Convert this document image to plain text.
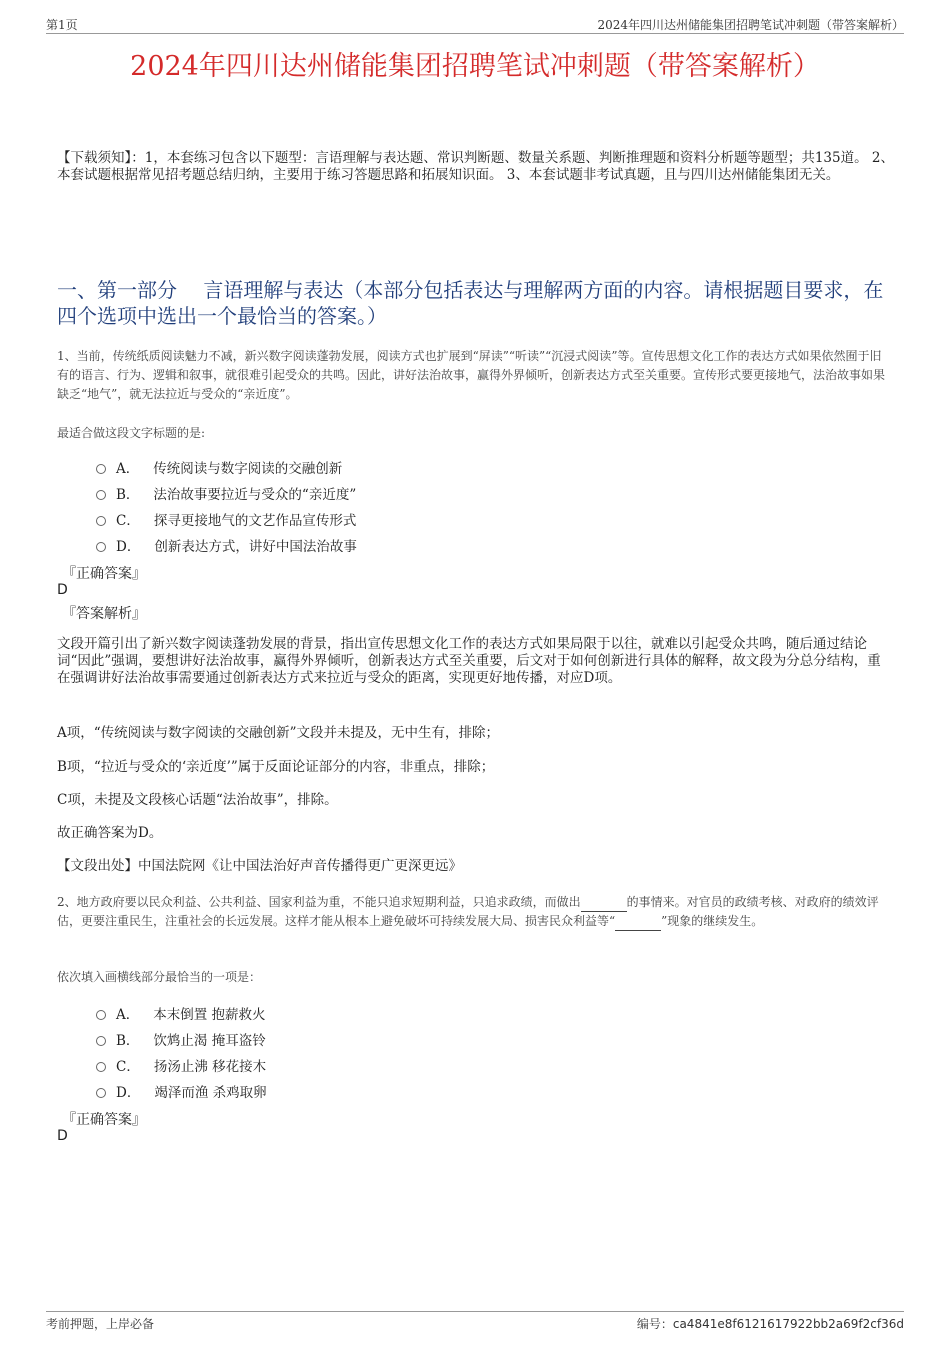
第1页	2024年四川达州储能集团招聘笔试冲刺题（带答案解析）
2024年四川达州储能集团招聘笔试冲刺题（带答案解析）
【下载须知】：1，本套练习包含以下题型：言语理解与表达题、常识判断题、数量关系题、判断推理题和资料分析题等题型；共135道。 2、本套试题根据常见招考题总结归纳，主要用于练习答题思路和拓展知识面。 3、本套试题非考试真题，且与四川达州储能集团无关。
一、第一部分　 言语理解与表达（本部分包括表达与理解两方面的内容。请根据题目要求，在四个选项中选出一个最恰当的答案。）
1、当前，传统纸质阅读魅力不减，新兴数字阅读蓬勃发展，阅读方式也扩展到“屏读”“听读”“沉浸式阅读”等。宣传思想文化工作的表达方式如果依然囿于旧有的语言、行为、逻辑和叙事，就很难引起受众的共鸣。因此，讲好法治故事，赢得外界倾听，创新表达方式至关重要。宣传形式要更接地气，法治故事如果缺乏“地气”，就无法拉近与受众的“亲近度”。
最适合做这段文字标题的是:
A． 传统阅读与数字阅读的交融创新
B． 法治故事要拉近与受众的“亲近度”
C． 探寻更接地气的文艺作品宣传形式
D． 创新表达方式，讲好中国法治故事
『正确答案』
D
『答案解析』
文段开篇引出了新兴数字阅读蓬勃发展的背景，指出宣传思想文化工作的表达方式如果局限于以往，就难以引起受众共鸣，随后通过结论词“因此”强调，要想讲好法治故事，赢得外界倾听，创新表达方式至关重要，后文对于如何创新进行具体的解释，故文段为分总分结构，重在强调讲好法治故事需要通过创新表达方式来拉近与受众的距离，实现更好地传播，对应D项。
A项，“传统阅读与数字阅读的交融创新”文段并未提及，无中生有，排除；
B项，“拉近与受众的‘亲近度’”属于反面论证部分的内容，非重点，排除；
C项，未提及文段核心话题“法治故事”，排除。
故正确答案为D。
【文段出处】中国法院网《让中国法治好声音传播得更广更深更远》
2、地方政府要以民众利益、公共利益、国家利益为重，不能只追求短期利益，只追求政绩，而做出	的事情来。对官员的政绩考核、对政府的绩效评估，更要注重民生，注重社会的长远发展。这样才能从根本上避免破坏可持续发展大局、损害民众利益等“	”现象的继续发生。
依次填入画横线部分最恰当的一项是：
A． 本末倒置 抱薪救火
B． 饮鸩止渴 掩耳盗铃
C． 扬汤止沸 移花接木
D． 竭泽而渔 杀鸡取卵
『正确答案』
D
考前押题，上岸必备	编号：ca4841e8f6121617922bb2a69f2cf36d
